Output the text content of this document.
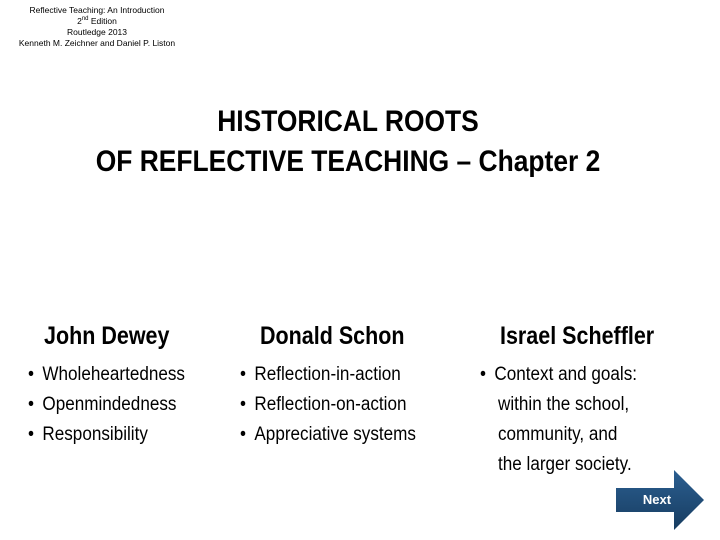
Reflective Teaching: An Introduction
2nd Edition
Routledge 2013
Kenneth M. Zeichner and Daniel P. Liston
HISTORICAL ROOTS
OF REFLECTIVE TEACHING – Chapter 2
John Dewey
• Wholeheartedness
• Openmindedness
• Responsibility
Donald Schon
• Reflection-in-action
• Reflection-on-action
• Appreciative systems
Israel Scheffler
• Context and goals:
within the school,
community, and
the larger society.
Next
